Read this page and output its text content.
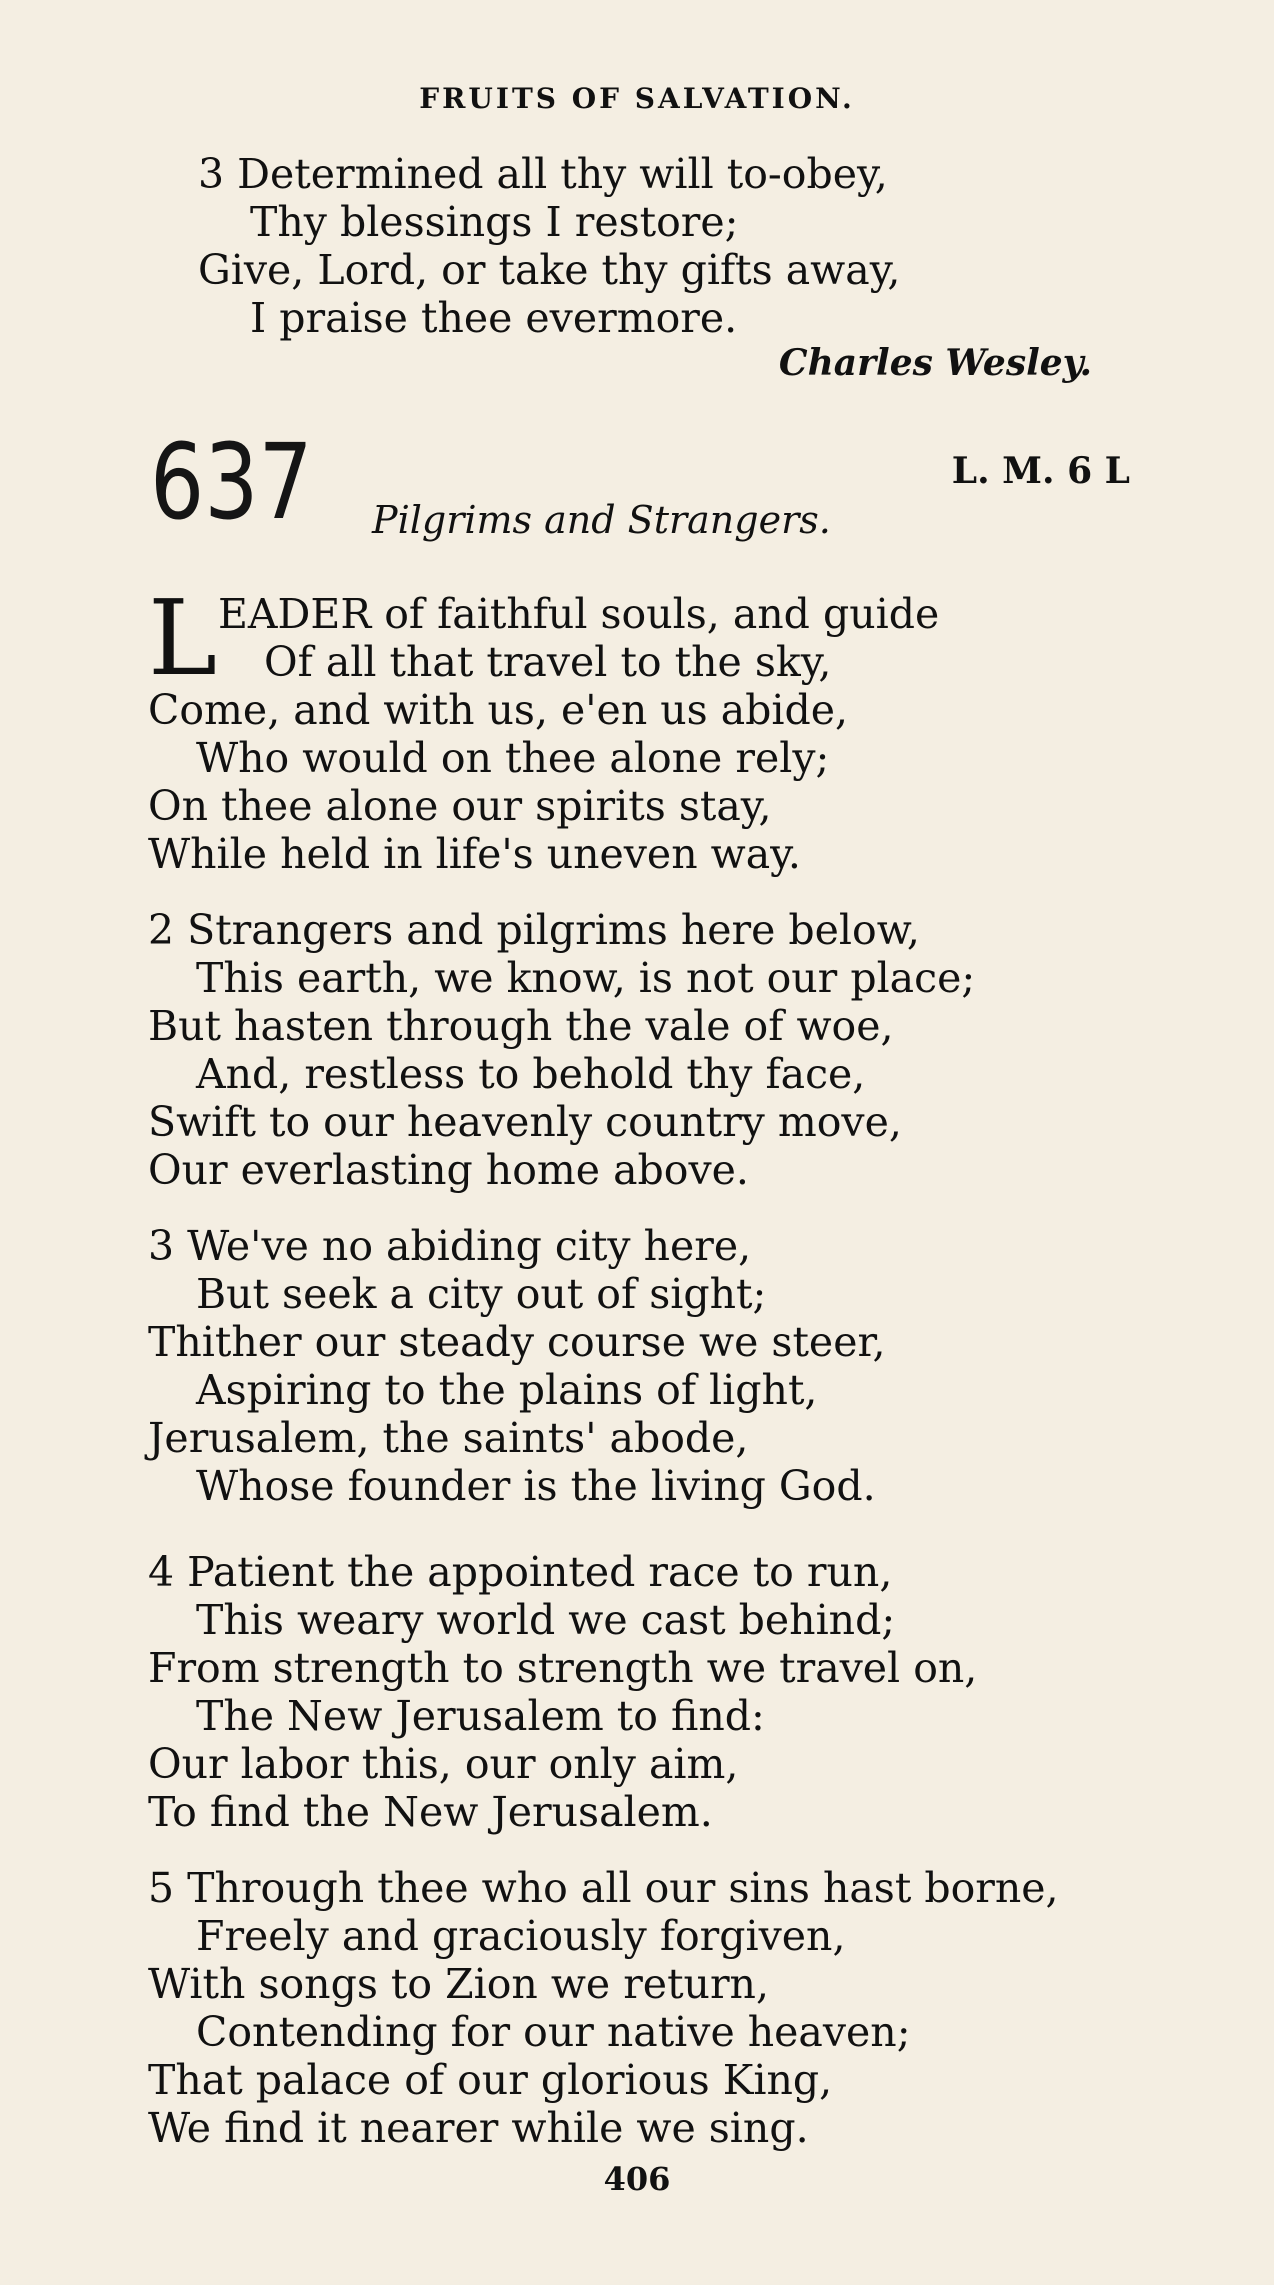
FRUITS OF SALVATION.
3 Determined all thy will to-obey,
Thy blessings I restore;
Give, Lord, or take thy gifts away,
I praise thee evermore.
Charles Wesley.
637	L. M. 6 L
Pilgrims and Strangers.
L EADER of faithful souls, and guide
Of all that travel to the sky,
Come, and with us, e'en us abide,
Who would on thee alone rely;
On thee alone our spirits stay,
While held in life's uneven way.
2 Strangers and pilgrims here below,
This earth, we know, is not our place;
But hasten through the vale of woe,
And, restless to behold thy face,
Swift to our heavenly country move,
Our everlasting home above.
3 We've no abiding city here,
But seek a city out of sight;
Thither our steady course we steer,
Aspiring to the plains of light,
Jerusalem, the saints' abode,
Whose founder is the living God.
4 Patient the appointed race to run,
This weary world we cast behind;
From strength to strength we travel on,
The New Jerusalem to find:
Our labor this, our only aim,
To find the New Jerusalem.
5 Through thee who all our sins hast borne,
Freely and graciously forgiven,
With songs to Zion we return,
Contending for our native heaven;
That palace of our glorious King,
We find it nearer while we sing.
406
